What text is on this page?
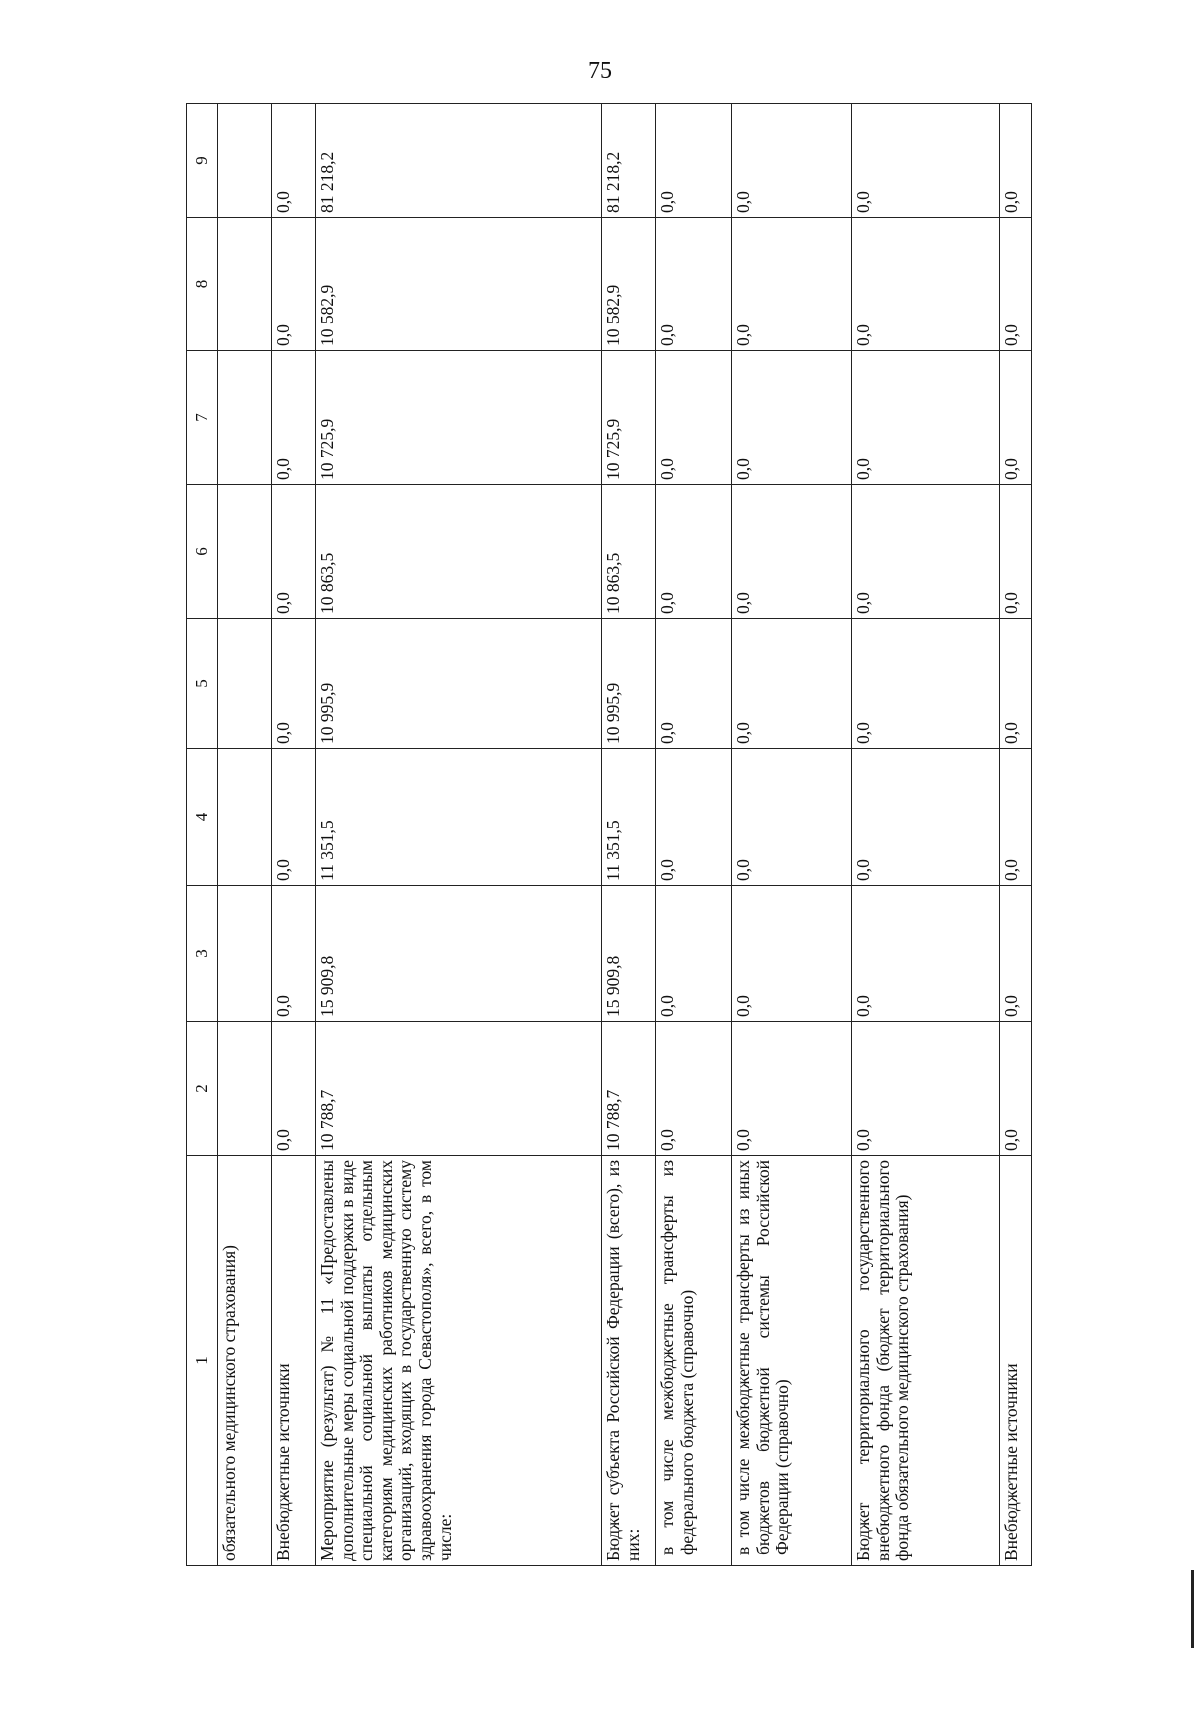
75
1	2	3	4	5	6	7	8	9
обязательного медицинского страхования)								
Внебюджетные источники	0,0	0,0	0,0	0,0	0,0	0,0	0,0	0,0
Мероприятие (результат) № 11 «Предоставлены дополнительные меры социальной поддержки в виде специальной социальной выплаты отдельным категориям медицинских работников медицинских организаций, входящих в государственную систему здравоохранения города Севастополя», всего, в том числе:	10 788,7	15 909,8	11 351,5	10 995,9	10 863,5	10 725,9	10 582,9	81 218,2
Бюджет субъекта Российской Федерации (всего), из них:	10 788,7	15 909,8	11 351,5	10 995,9	10 863,5	10 725,9	10 582,9	81 218,2
в том числе межбюджетные трансферты из федерального бюджета (справочно)	0,0	0,0	0,0	0,0	0,0	0,0	0,0	0,0
в том числе межбюджетные трансферты из иных бюджетов бюджетной системы Российской Федерации (справочно)	0,0	0,0	0,0	0,0	0,0	0,0	0,0	0,0
Бюджет территориального государственного внебюджетного фонда (бюджет территориального фонда обязательного медицинского страхования)	0,0	0,0	0,0	0,0	0,0	0,0	0,0	0,0
Внебюджетные источники	0,0	0,0	0,0	0,0	0,0	0,0	0,0	0,0
